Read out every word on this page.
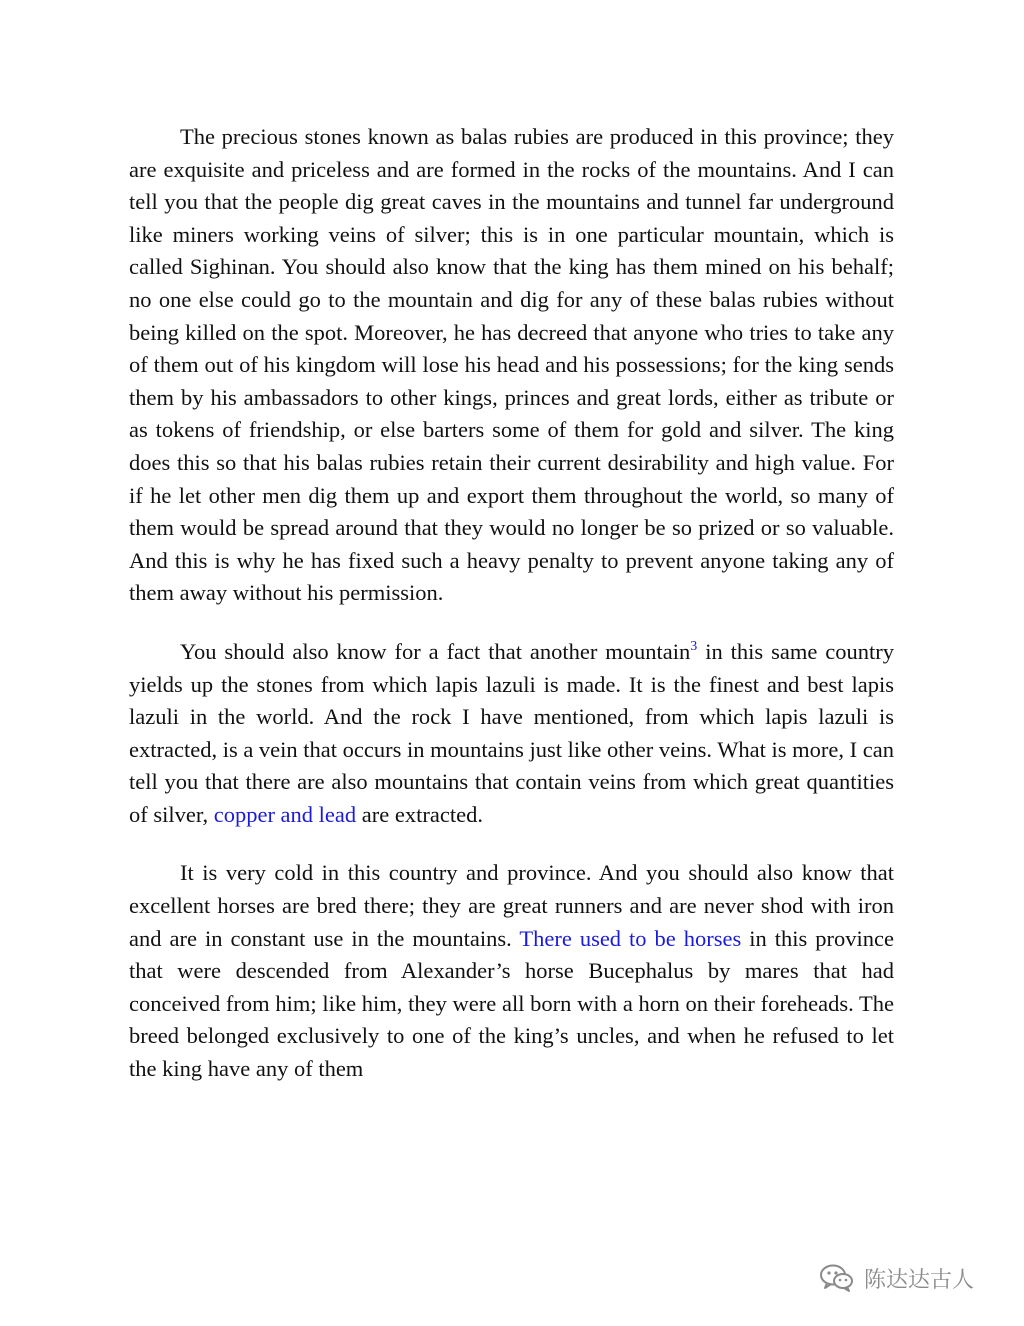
The precious stones known as balas rubies are produced in this province; they are exquisite and priceless and are formed in the rocks of the mountains. And I can tell you that the people dig great caves in the mountains and tunnel far underground like miners working veins of silver; this is in one particular mountain, which is called Sighinan. You should also know that the king has them mined on his behalf; no one else could go to the mountain and dig for any of these balas rubies without being killed on the spot. Moreover, he has decreed that anyone who tries to take any of them out of his kingdom will lose his head and his possessions; for the king sends them by his ambassadors to other kings, princes and great lords, either as tribute or as tokens of friendship, or else barters some of them for gold and silver. The king does this so that his balas rubies retain their current desirability and high value. For if he let other men dig them up and export them throughout the world, so many of them would be spread around that they would no longer be so prized or so valuable. And this is why he has fixed such a heavy penalty to prevent anyone taking any of them away without his permission.

You should also know for a fact that another mountain$^3$ in this same country yields up the stones from which lapis lazuli is made. It is the finest and best lapis lazuli in the world. And the rock I have mentioned, from which lapis lazuli is extracted, is a vein that occurs in mountains just like other veins. What is more, I can tell you that there are also mountains that contain veins from which great quantities of silver, copper and lead are extracted.

It is very cold in this country and province. And you should also know that excellent horses are bred there; they are great runners and are never shod with iron and are in constant use in the mountains. There used to be horses in this province that were descended from Alexander’s horse Bucephalus by mares that had conceived from him; like him, they were all born with a horn on their foreheads. The breed belonged exclusively to one of the king’s uncles, and when he refused to let the king have any of them

陈达达古人
